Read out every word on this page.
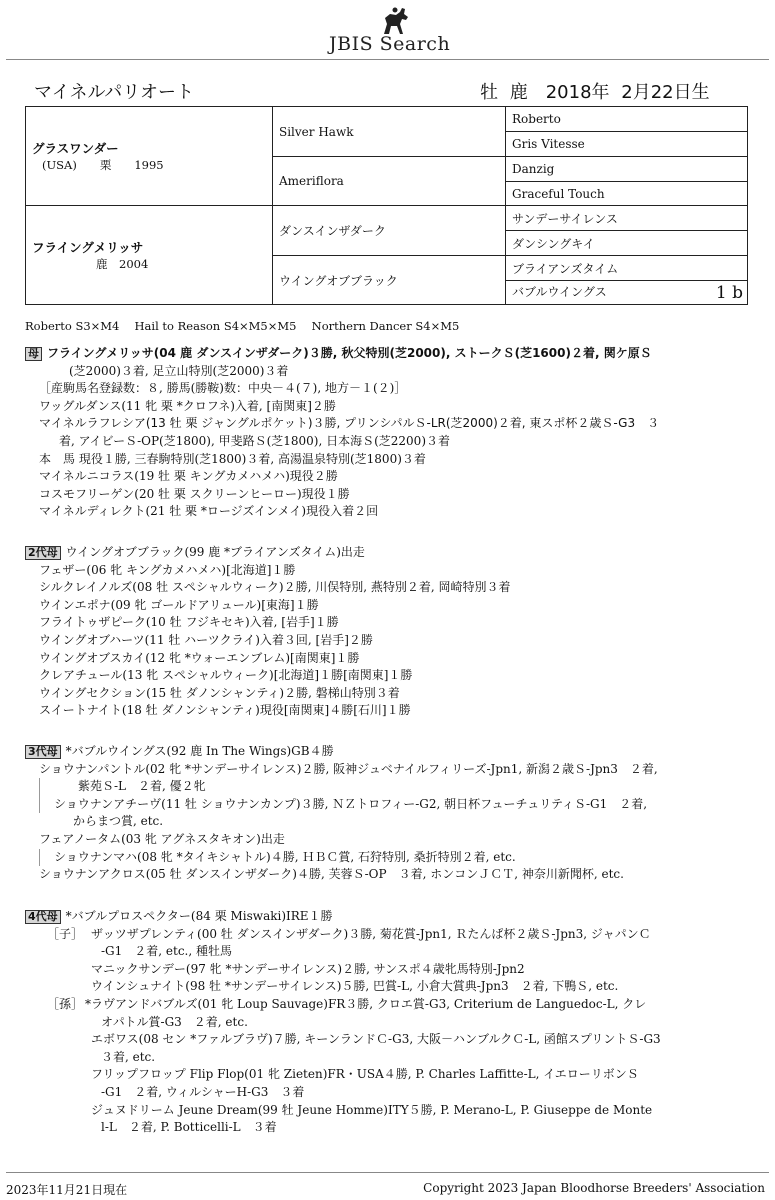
JBIS Search
マイネルパリオート	牡 鹿　2018年 2月22日生
グラスワンダー
(USA)　　栗　　1995	Silver Hawk	Roberto
		Gris Vitesse
	Ameriflora	Danzig
		Graceful Touch

フライングメリッサ
鹿　2004	ダンスインザダーク	サンデーサイレンス
		ダンシングキイ
	ウイングオブブラック	ブライアンズタイム
		バブルウイングス 1 b
Roberto S3×M4　 Hail to Reason S4×M5×M5　 Northern Dancer S4×M5
母 フライングメリッサ(04 鹿 ダンスインザダーク)３勝, 秋父特別(芝2000), ストークＳ(芝1600)２着, 関ケ原Ｓ
(芝2000)３着, 足立山特別(芝2000)３着
［産駒馬名登録数：８, 勝馬(勝鞍)数：中央－４(７), 地方－１(２)］
ワッグルダンス(11 牝 栗 *クロフネ)入着, [南関東]２勝
マイネルラフレシア(13 牡 栗 ジャングルポケット)３勝, プリンシパルＳ-LR(芝2000)２着, 東スポ杯２歳Ｓ-G3　３
着, アイビーＳ-OP(芝1800), 甲斐路Ｓ(芝1800), 日本海Ｓ(芝2200)３着
本　馬 現役１勝, 三春駒特別(芝1800)３着, 高湯温泉特別(芝1800)３着
マイネルニコラス(19 牡 栗 キングカメハメハ)現役２勝
コスモフリーゲン(20 牡 栗 スクリーンヒーロー)現役１勝
マイネルディレクト(21 牡 栗 *ロージズインメイ)現役入着２回
2代母 ウイングオブブラック(99 鹿 *ブライアンズタイム)出走
フェザー(06 牝 キングカメハメハ)[北海道]１勝
シルクレイノルズ(08 牡 スペシャルウィーク)２勝, 川俣特別, 燕特別２着, 岡崎特別３着
ウインエポナ(09 牝 ゴールドアリュール)[東海]１勝
フライトゥザピーク(10 牡 フジキセキ)入着, [岩手]１勝
ウイングオブハーツ(11 牡 ハーツクライ)入着３回, [岩手]２勝
ウイングオブスカイ(12 牝 *ウォーエンブレム)[南関東]１勝
クレアチュール(13 牝 スペシャルウィーク)[北海道]１勝[南関東]１勝
ウイングセクション(15 牡 ダノンシャンティ)２勝, 磐梯山特別３着
スイートナイト(18 牡 ダノンシャンティ)現役[南関東]４勝[石川]１勝
3代母 *バブルウイングス(92 鹿 In The Wings)GB４勝
ショウナンパントル(02 牝 *サンデーサイレンス)２勝, 阪神ジュベナイルフィリーズ-Jpn1, 新潟２歳Ｓ-Jpn3　２着,
紫苑Ｓ-L　２着, 優２牝
ショウナンアチーヴ(11 牡 ショウナンカンプ)３勝, ＮＺトロフィー-G2, 朝日杯フューチュリティＳ-G1　２着,
からまつ賞, etc.
フェアノータム(03 牝 アグネスタキオン)出走
ショウナンマハ(08 牝 *タイキシャトル)４勝, ＨＢＣ賞, 石狩特別, 桑折特別２着, etc.
ショウナンアクロス(05 牡 ダンスインザダーク)４勝, 芙蓉Ｓ-OP　３着, ホンコンＪＣＴ, 神奈川新聞杯, etc.
4代母 *バブルプロスペクター(84 栗 Miswaki)IRE１勝
［子］ ザッツザプレンティ(00 牡 ダンスインザダーク)３勝, 菊花賞-Jpn1, Ｒたんぱ杯２歳Ｓ-Jpn3, ジャパンＣ
-G1　２着, etc., 種牡馬
マニックサンデー(97 牝 *サンデーサイレンス)２勝, サンスポ４歳牝馬特別-Jpn2
ウインシュナイト(98 牡 *サンデーサイレンス)５勝, 巴賞-L, 小倉大賞典-Jpn3　２着, 下鴨Ｓ, etc.
［孫］ *ラヴアンドバブルズ(01 牝 Loup Sauvage)FR３勝, クロエ賞-G3, Criterium de Languedoc-L, クレ
オパトル賞-G3　２着, etc.
エボワス(08 セン *ファルブラヴ)７勝, キーンランドＣ-G3, 大阪－ハンブルクＣ-L, 函館スプリントＳ-G3
３着, etc.
フリップフロップ Flip Flop(01 牝 Zieten)FR・USA４勝, P. Charles Laffitte-L, イエローリボンＳ
-G1　２着, ウィルシャーH-G3　３着
ジュヌドリーム Jeune Dream(99 牡 Jeune Homme)ITY５勝, P. Merano-L, P. Giuseppe de Monte
l-L　２着, P. Botticelli-L　３着
2023年11月21日現在	Copyright 2023 Japan Bloodhorse Breeders' Association
